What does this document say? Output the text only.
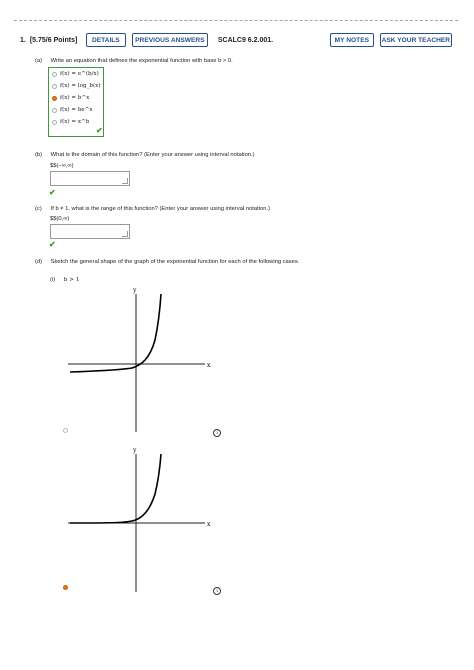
1. [5.75/6 Points]	DETAILS	PREVIOUS ANSWERS	SCALC9 6.2.001.	MY NOTES	ASK YOUR TEACHER
(a) Write an equation that defines the exponential function with base b > 0.
f(x) = e^(b/x)
f(x) = log_b(x)
f(x) = b^x
f(x) = be^x
f(x) = x^b
✔
(b) What is the domain of this function? (Enter your answer using interval notation.)
$$(−∞,∞)
✔
(c) If b ≠ 1, what is the range of this function? (Enter your answer using interval notation.)
$$(0,∞)
✔
(d) Sketch the general shape of the graph of the exponential function for each of the following cases.
(i) b > 1
y
x
i
y
x
i
